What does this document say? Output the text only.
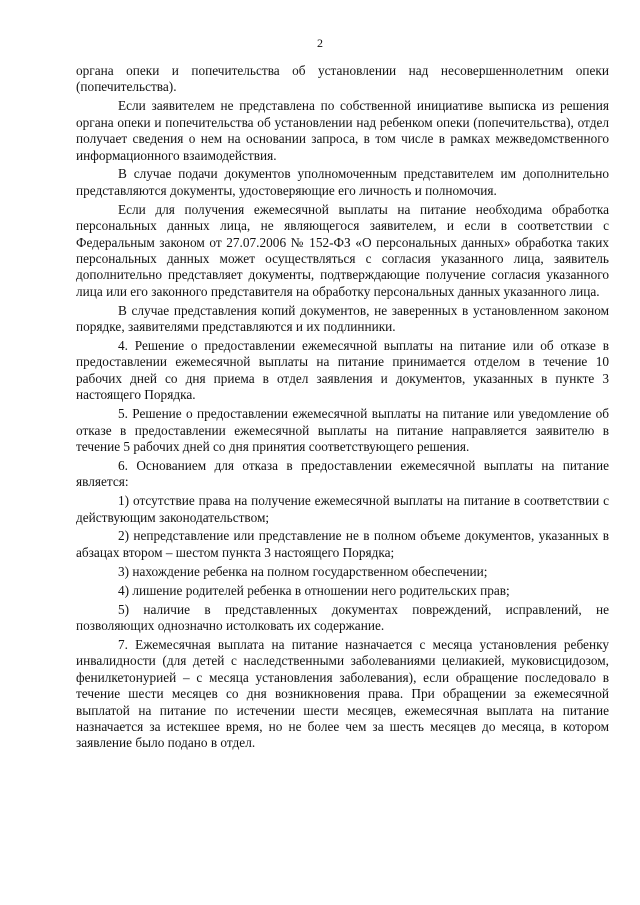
2

органа опеки и попечительства об установлении над несовершеннолетним опеки (попечительства).

Если заявителем не представлена по собственной инициативе выписка из решения органа опеки и попечительства об установлении над ребенком опеки (попечительства), отдел получает сведения о нем на основании запроса, в том числе в рамках межведомственного информационного взаимодействия.

В случае подачи документов уполномоченным представителем им дополнительно представляются документы, удостоверяющие его личность и полномочия.

Если для получения ежемесячной выплаты на питание необходима обработка персональных данных лица, не являющегося заявителем, и если в соответствии с Федеральным законом от 27.07.2006 № 152-ФЗ «О персональных данных» обработка таких персональных данных может осуществляться с согласия указанного лица, заявитель дополнительно представляет документы, подтверждающие получение согласия указанного лица или его законного представителя на обработку персональных данных указанного лица.

В случае представления копий документов, не заверенных в установленном законом порядке, заявителями представляются и их подлинники.

4. Решение о предоставлении ежемесячной выплаты на питание или об отказе в предоставлении ежемесячной выплаты на питание принимается отделом в течение 10 рабочих дней со дня приема в отдел заявления и документов, указанных в пункте 3 настоящего Порядка.

5. Решение о предоставлении ежемесячной выплаты на питание или уведомление об отказе в предоставлении ежемесячной выплаты на питание направляется заявителю в течение 5 рабочих дней со дня принятия соответствующего решения.

6. Основанием для отказа в предоставлении ежемесячной выплаты на питание является:

1) отсутствие права на получение ежемесячной выплаты на питание в соответствии с действующим законодательством;

2) непредставление или представление не в полном объеме документов, указанных в абзацах втором – шестом пункта 3 настоящего Порядка;

3) нахождение ребенка на полном государственном обеспечении;

4) лишение родителей ребенка в отношении него родительских прав;

5) наличие в представленных документах повреждений, исправлений, не позволяющих однозначно истолковать их содержание.

7. Ежемесячная выплата на питание назначается с месяца установления ребенку инвалидности (для детей с наследственными заболеваниями целиакией, муковисцидозом, фенилкетонурией – с месяца установления заболевания), если обращение последовало в течение шести месяцев со дня возникновения права. При обращении за ежемесячной выплатой на питание по истечении шести месяцев, ежемесячная выплата на питание назначается за истекшее время, но не более чем за шесть месяцев до месяца, в котором заявление было подано в отдел.
